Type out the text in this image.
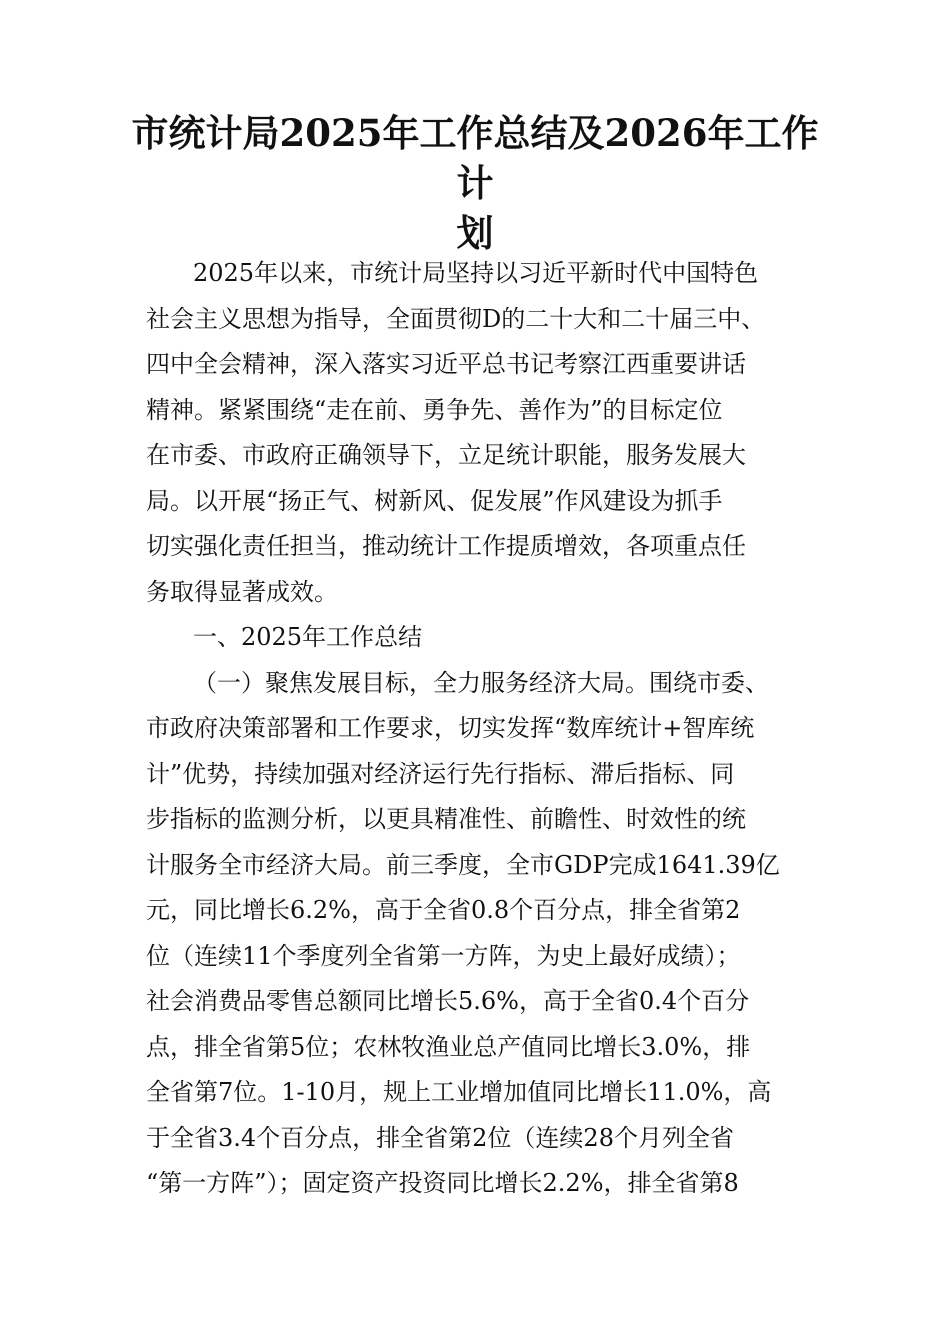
市统计局2025年工作总结及2026年工作计
划
2025年以来，市统计局坚持以习近平新时代中国特色
社会主义思想为指导，全面贯彻D的二十大和二十届三中、
四中全会精神，深入落实习近平总书记考察江西重要讲话
精神。紧紧围绕“走在前、勇争先、善作为”的目标定位
在市委、市政府正确领导下，立足统计职能，服务发展大
局。以开展“扬正气、树新风、促发展”作风建设为抓手
切实强化责任担当，推动统计工作提质增效，各项重点任
务取得显著成效。
一、2025年工作总结
（一）聚焦发展目标，全力服务经济大局。围绕市委、
市政府决策部署和工作要求，切实发挥“数库统计+智库统
计”优势，持续加强对经济运行先行指标、滞后指标、同
步指标的监测分析，以更具精准性、前瞻性、时效性的统
计服务全市经济大局。前三季度，全市GDP完成1641.39亿
元，同比增长6.2%，高于全省0.8个百分点，排全省第2
位（连续11个季度列全省第一方阵，为史上最好成绩）；
社会消费品零售总额同比增长5.6%，高于全省0.4个百分
点，排全省第5位；农林牧渔业总产值同比增长3.0%，排
全省第7位。1-10月，规上工业增加值同比增长11.0%，高
于全省3.4个百分点，排全省第2位（连续28个月列全省
“第一方阵”）；固定资产投资同比增长2.2%，排全省第8
